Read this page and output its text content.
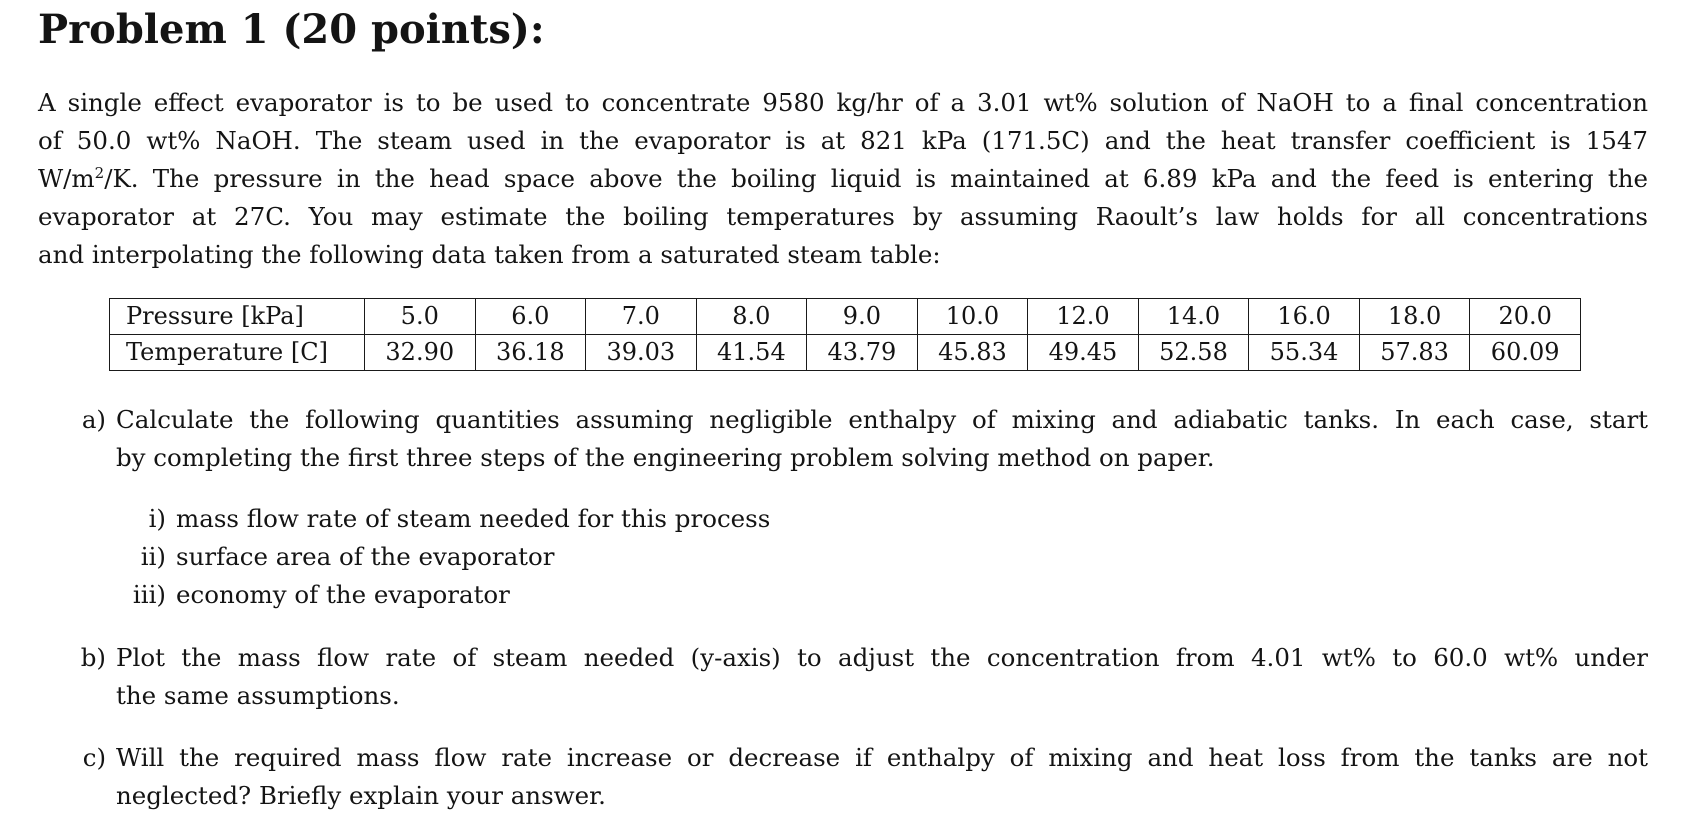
Problem 1 (20 points):

A single effect evaporator is to be used to concentrate 9580 kg/hr of a 3.01 wt% solution of NaOH to a final concentration
of 50.0 wt% NaOH. The steam used in the evaporator is at 821 kPa (171.5C) and the heat transfer coefficient is 1547
$W/m^2/K$. The pressure in the head space above the boiling liquid is maintained at 6.89 kPa and the feed is entering the
evaporator at 27C. You may estimate the boiling temperatures by assuming Raoult’s law holds for all concentrations
and interpolating the following data taken from a saturated steam table:

Pressure [kPa]	5.0	6.0	7.0	8.0	9.0	10.0	12.0	14.0	16.0	18.0	20.0
Temperature [C]	32.90	36.18	39.03	41.54	43.79	45.83	49.45	52.58	55.34	57.83	60.09
a) Calculate the following quantities assuming negligible enthalpy of mixing and adiabatic tanks. In each case, start
by completing the first three steps of the engineering problem solving method on paper.
i) mass flow rate of steam needed for this process
ii) surface area of the evaporator
iii) economy of the evaporator
b) Plot the mass flow rate of steam needed (y-axis) to adjust the concentration from 4.01 wt% to 60.0 wt% under
the same assumptions.
c) Will the required mass flow rate increase or decrease if enthalpy of mixing and heat loss from the tanks are not
neglected? Briefly explain your answer.
